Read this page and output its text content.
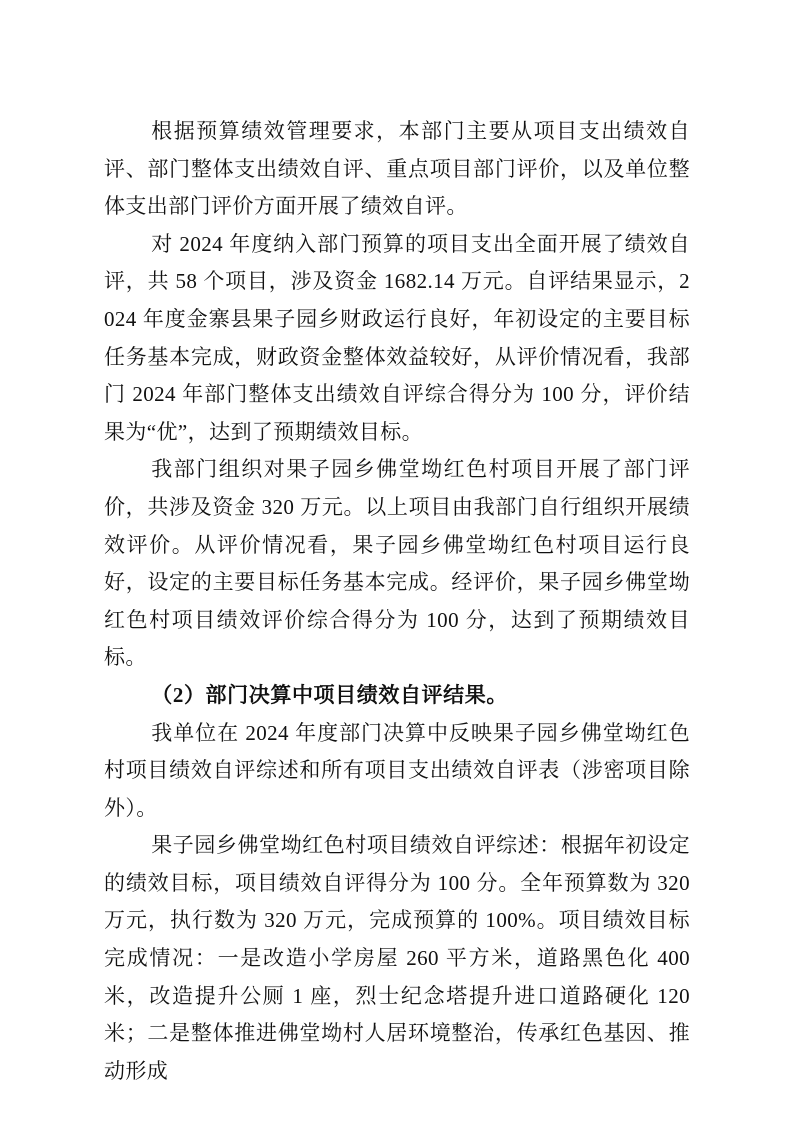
根据预算绩效管理要求，本部门主要从项目支出绩效自评、部门整体支出绩效自评、重点项目部门评价，以及单位整体支出部门评价方面开展了绩效自评。

对 2024 年度纳入部门预算的项目支出全面开展了绩效自评，共 58 个项目，涉及资金 1682.14 万元。自评结果显示，2024 年度金寨县果子园乡财政运行良好，年初设定的主要目标任务基本完成，财政资金整体效益较好，从评价情况看，我部门 2024 年部门整体支出绩效自评综合得分为 100 分，评价结果为“优”，达到了预期绩效目标。

我部门组织对果子园乡佛堂坳红色村项目开展了部门评价，共涉及资金 320 万元。以上项目由我部门自行组织开展绩效评价。从评价情况看，果子园乡佛堂坳红色村项目运行良好，设定的主要目标任务基本完成。经评价，果子园乡佛堂坳红色村项目绩效评价综合得分为 100 分，达到了预期绩效目标。

（2）部门决算中项目绩效自评结果。

我单位在 2024 年度部门决算中反映果子园乡佛堂坳红色村项目绩效自评综述和所有项目支出绩效自评表（涉密项目除外）。

果子园乡佛堂坳红色村项目绩效自评综述：根据年初设定的绩效目标，项目绩效自评得分为 100 分。全年预算数为 320 万元，执行数为 320 万元，完成预算的 100%。项目绩效目标完成情况：一是改造小学房屋 260 平方米，道路黑色化 400 米，改造提升公厕 1 座，烈士纪念塔提升进口道路硬化 120 米；二是整体推进佛堂坳村人居环境整治，传承红色基因、推动形成
